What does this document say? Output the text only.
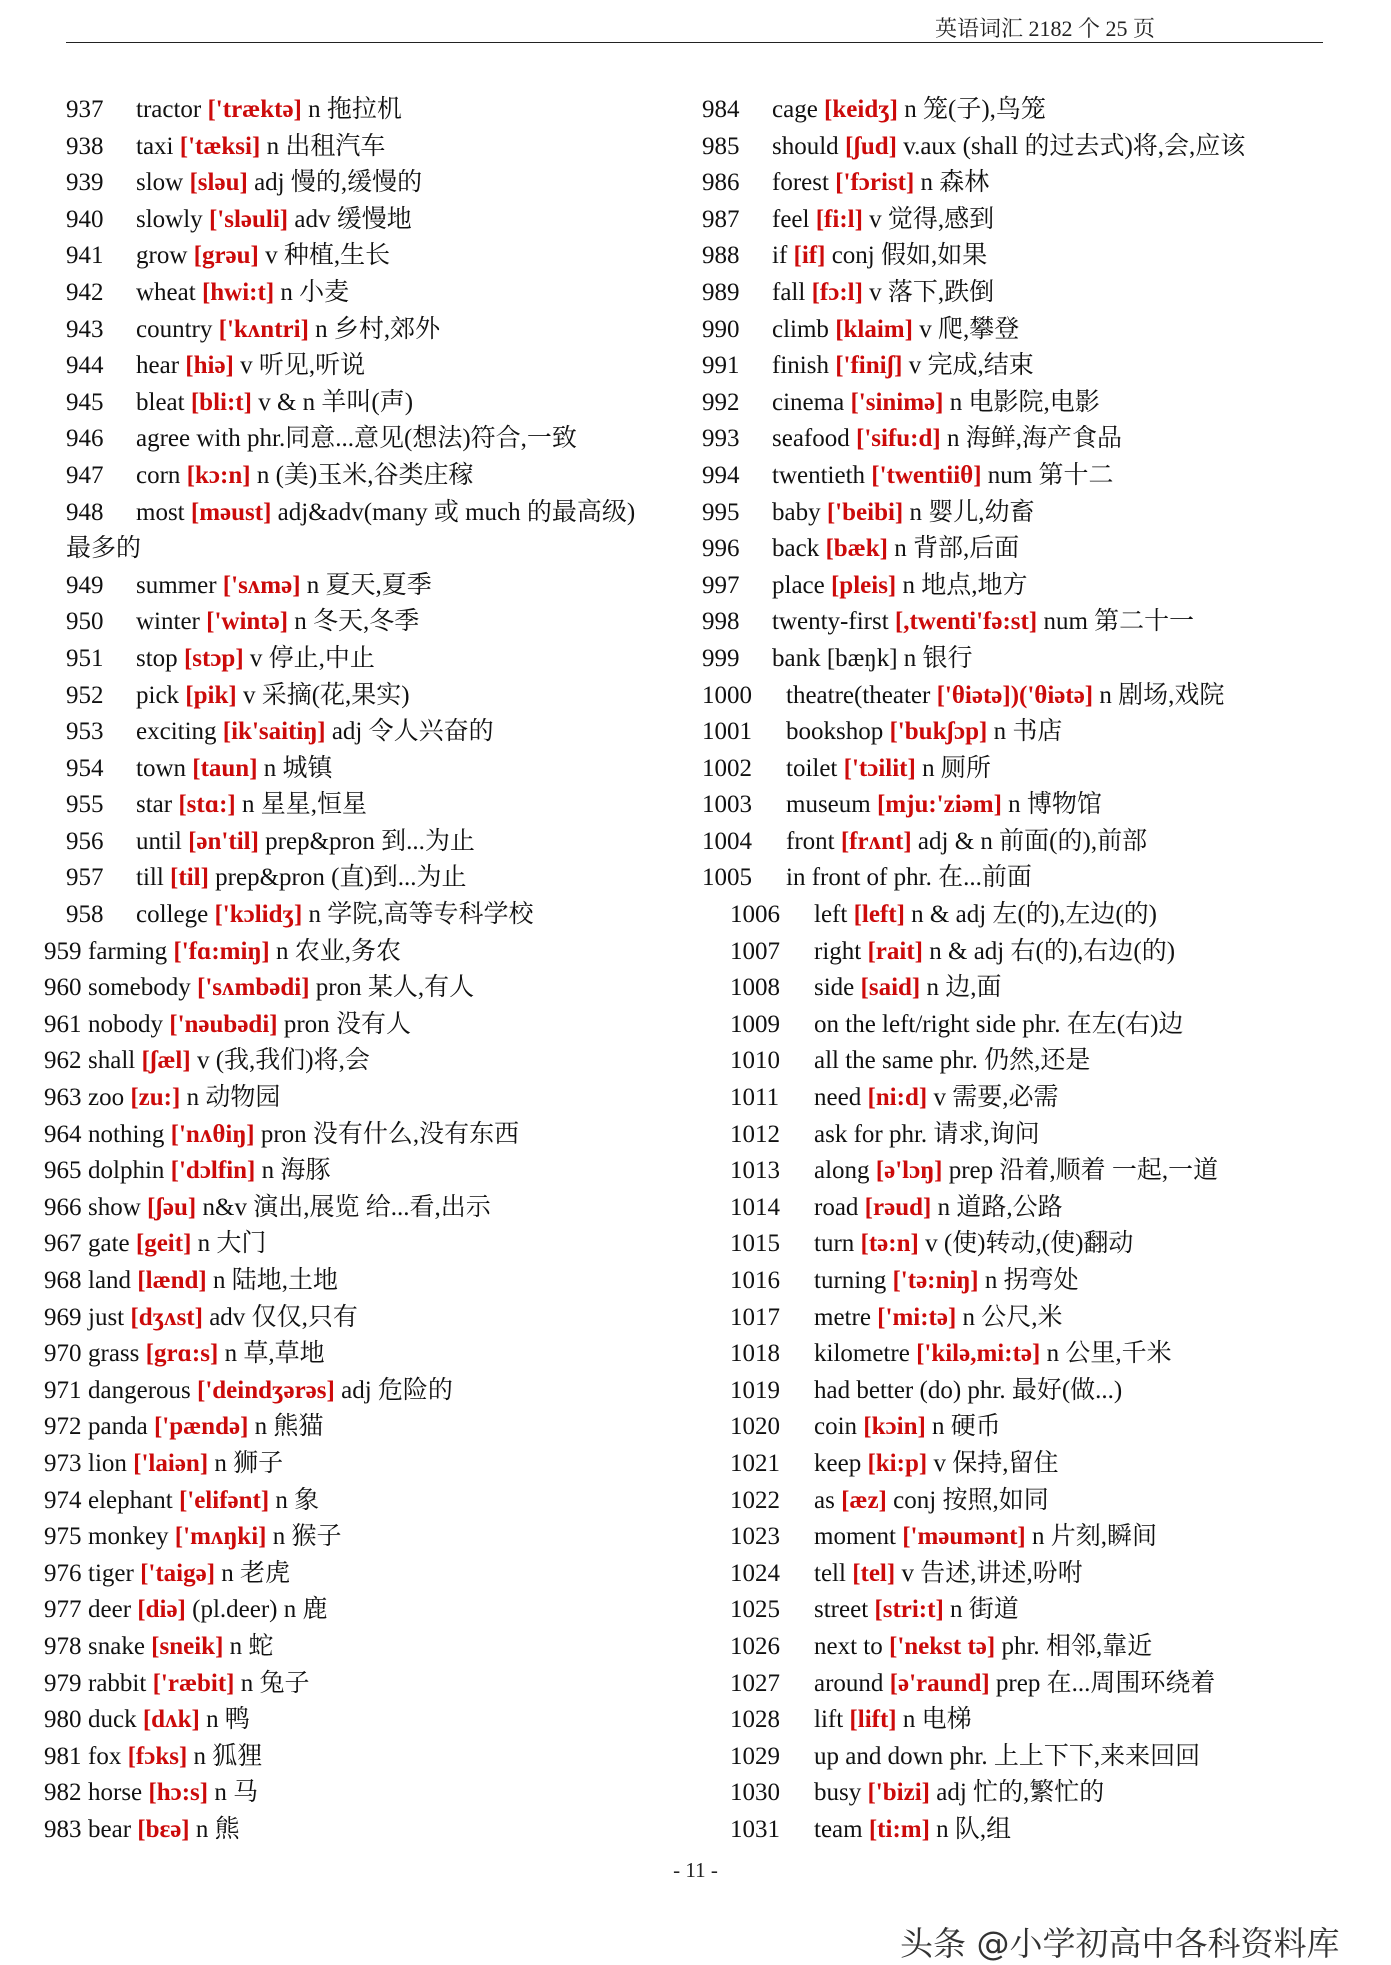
英语词汇 2182 个 25 页
937	tractor ['træktə] n 拖拉机
938	taxi ['tæksi] n 出租汽车
939	slow [sləu] adj 慢的,缓慢的
940	slowly ['sləuli] adv 缓慢地
941	grow [grəu] v 种植,生长
942	wheat [hwi:t] n 小麦
943	country ['kʌntri] n 乡村,郊外
944	hear [hiə] v 听见,听说
945	bleat [bli:t] v & n 羊叫(声)
946	agree with phr.同意...意见(想法)符合,一致
947	corn [kɔ:n] n (美)玉米,谷类庄稼
948	most [məust] adj&adv(many 或 much 的最高级)
最多的
949	summer ['sʌmə] n 夏天,夏季
950	winter ['wintə] n 冬天,冬季
951	stop [stɔp] v 停止,中止
952	pick [pik] v 采摘(花,果实)
953	exciting [ik'saitiŋ] adj 令人兴奋的
954	town [taun] n 城镇
955	star [stɑ:] n 星星,恒星
956	until [ən'til] prep&pron 到...为止
957	till [til] prep&pron (直)到...为止
958	college ['kɔlidʒ] n 学院,高等专科学校
959 farming ['fɑ:miŋ] n 农业,务农
960 somebody ['sʌmbədi] pron 某人,有人
961 nobody ['nəubədi] pron 没有人
962 shall [ʃæl] v (我,我们)将,会
963 zoo [zu:] n 动物园
964 nothing ['nʌθiŋ] pron 没有什么,没有东西
965 dolphin ['dɔlfin] n 海豚
966 show [ʃəu] n&v 演出,展览 给...看,出示
967 gate [geit] n 大门
968 land [lænd] n 陆地,土地
969 just [dʒʌst] adv 仅仅,只有
970 grass [grɑ:s] n 草,草地
971 dangerous ['deindʒərəs] adj 危险的
972 panda ['pændə] n 熊猫
973 lion ['laiən] n 狮子
974 elephant ['elifənt] n 象
975 monkey ['mʌŋki] n 猴子
976 tiger ['taigə] n 老虎
977 deer [diə] (pl.deer) n 鹿
978 snake [sneik] n 蛇
979 rabbit ['ræbit] n 兔子
980 duck [dʌk] n 鸭
981 fox [fɔks] n 狐狸
982 horse [hɔ:s] n 马
983 bear [bɛə] n 熊
984	cage [keidʒ] n 笼(子),鸟笼
985	should [ʃud] v.aux (shall 的过去式)将,会,应该
986	forest ['fɔrist] n 森林
987	feel [fi:l] v 觉得,感到
988	if [if] conj 假如,如果
989	fall [fɔ:l] v 落下,跌倒
990	climb [klaim] v 爬,攀登
991	finish ['finiʃ] v 完成,结束
992	cinema ['sinimə] n 电影院,电影
993	seafood ['sifu:d] n 海鲜,海产食品
994	twentieth ['twentiiθ] num 第十二
995	baby ['beibi] n 婴儿,幼畜
996	back [bæk] n 背部,后面
997	place [pleis] n 地点,地方
998	twenty-first [,twenti'fə:st] num 第二十一
999	bank [bæŋk] n 银行
1000	theatre(theater ['θiətə])('θiətə] n 剧场,戏院
1001	bookshop ['bukʃɔp] n 书店
1002	toilet ['tɔilit] n 厕所
1003	museum [mju:'ziəm] n 博物馆
1004	front [frʌnt] adj & n 前面(的),前部
1005	in front of phr. 在...前面
1006	left [left] n & adj 左(的),左边(的)
1007	right [rait] n & adj 右(的),右边(的)
1008	side [said] n 边,面
1009	on the left/right side phr. 在左(右)边
1010	all the same phr. 仍然,还是
1011	need [ni:d] v 需要,必需
1012	ask for phr. 请求,询问
1013	along [ə'lɔŋ] prep 沿着,顺着 一起,一道
1014	road [rəud] n 道路,公路
1015	turn [tə:n] v (使)转动,(使)翻动
1016	turning ['tə:niŋ] n 拐弯处
1017	metre ['mi:tə] n 公尺,米
1018	kilometre ['kilə,mi:tə] n 公里,千米
1019	had better (do) phr. 最好(做...)
1020	coin [kɔin] n 硬币
1021	keep [ki:p] v 保持,留住
1022	as [æz] conj 按照,如同
1023	moment ['məumənt] n 片刻,瞬间
1024	tell [tel] v 告述,讲述,吩咐
1025	street [stri:t] n 街道
1026	next to ['nekst tə] phr. 相邻,靠近
1027	around [ə'raund] prep 在...周围环绕着
1028	lift [lift] n 电梯
1029	up and down phr. 上上下下,来来回回
1030	busy ['bizi] adj 忙的,繁忙的
1031	team [ti:m] n 队,组
- 11 -
头条 @小学初高中各科资料库
